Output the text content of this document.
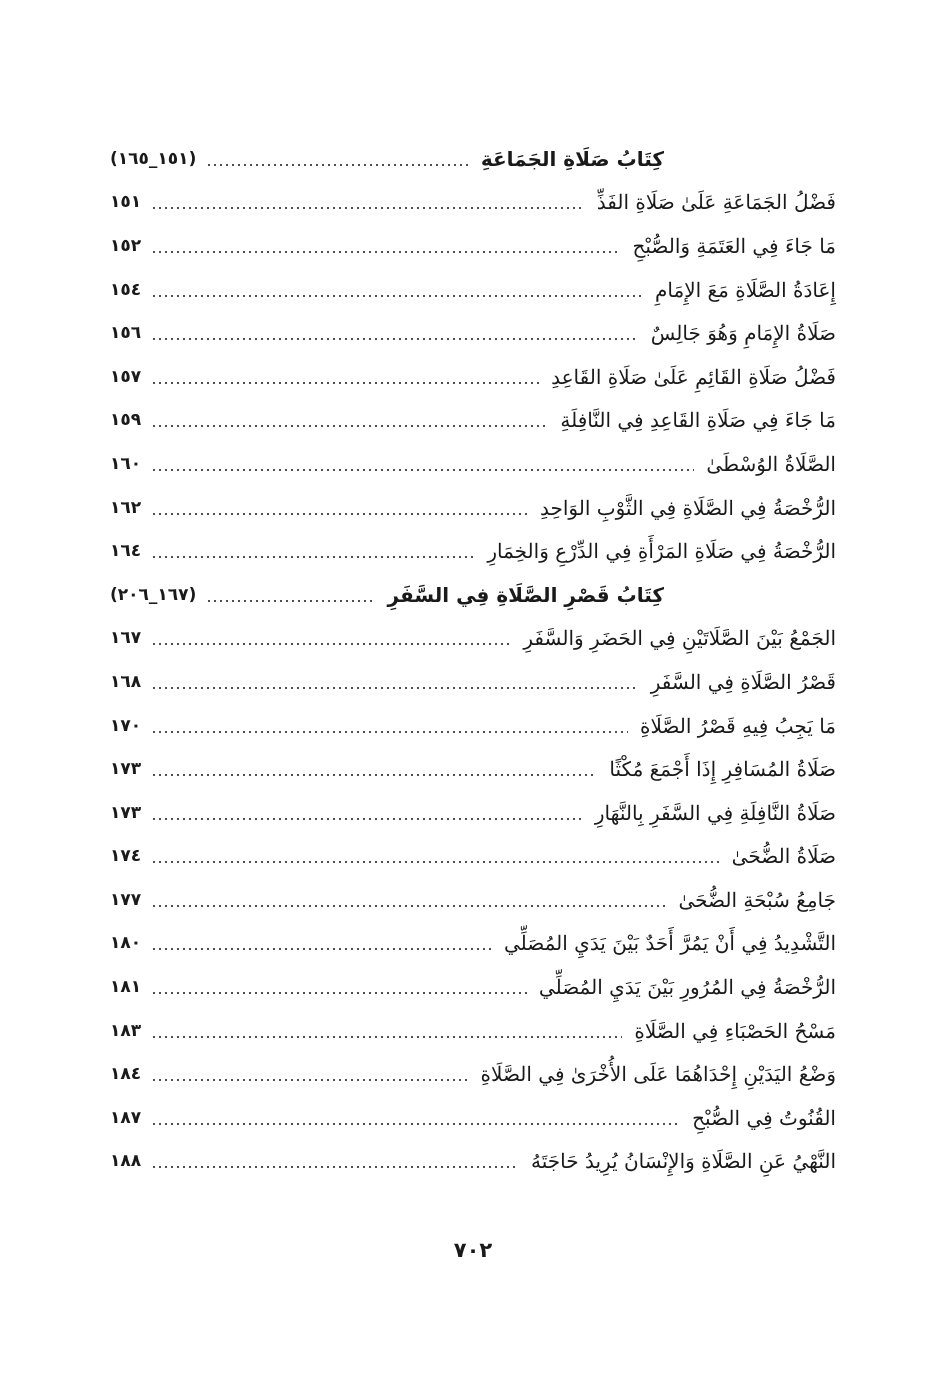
كِتَابُ صَلَاةِ الجَمَاعَةِ
(١٥١_١٦٥)
فَضْلُ الجَمَاعَةِ عَلَىٰ صَلَاةِ الفَذِّ
١٥١
مَا جَاءَ فِي العَتَمَةِ وَالصُّبْحِ
١٥٢
إِعَادَةُ الصَّلَاةِ مَعَ الإِمَامِ
١٥٤
صَلَاةُ الإِمَامِ وَهُوَ جَالِسٌ
١٥٦
فَضْلُ صَلَاةِ القَائِمِ عَلَىٰ صَلَاةِ القَاعِدِ
١٥٧
مَا جَاءَ فِي صَلَاةِ القَاعِدِ فِي النَّافِلَةِ
١٥٩
الصَّلَاةُ الوُسْطَىٰ
١٦٠
الرُّخْصَةُ فِي الصَّلَاةِ فِي الثَّوْبِ الوَاحِدِ
١٦٢
الرُّخْصَةُ فِي صَلَاةِ المَرْأَةِ فِي الدِّرْعِ وَالخِمَارِ
١٦٤
كِتَابُ قَصْرِ الصَّلَاةِ فِي السَّفَرِ
(١٦٧_٢٠٦)
الجَمْعُ بَيْنَ الصَّلَاتَيْنِ فِي الحَضَرِ وَالسَّفَرِ
١٦٧
قَصْرُ الصَّلَاةِ فِي السَّفَرِ
١٦٨
مَا يَجِبُ فِيهِ قَصْرُ الصَّلَاةِ
١٧٠
صَلَاةُ المُسَافِرِ إِذَا أَجْمَعَ مُكْثًا
١٧٣
صَلَاةُ النَّافِلَةِ فِي السَّفَرِ بِالنَّهَارِ
١٧٣
صَلَاةُ الضُّحَىٰ
١٧٤
جَامِعُ سُبْحَةِ الضُّحَىٰ
١٧٧
التَّشْدِيدُ فِي أَنْ يَمُرَّ أَحَدٌ بَيْنَ يَدَيِ المُصَلِّي
١٨٠
الرُّخْصَةُ فِي المُرُورِ بَيْنَ يَدَيِ المُصَلِّي
١٨١
مَسْحُ الحَصْبَاءِ فِي الصَّلَاةِ
١٨٣
وَضْعُ اليَدَيْنِ إِحْدَاهُمَا عَلَى الأُخْرَىٰ فِي الصَّلَاةِ
١٨٤
القُنُوتُ فِي الصُّبْحِ
١٨٧
النَّهْيُ عَنِ الصَّلَاةِ وَالإِنْسَانُ يُرِيدُ حَاجَتَهُ
١٨٨
٧٠٢
